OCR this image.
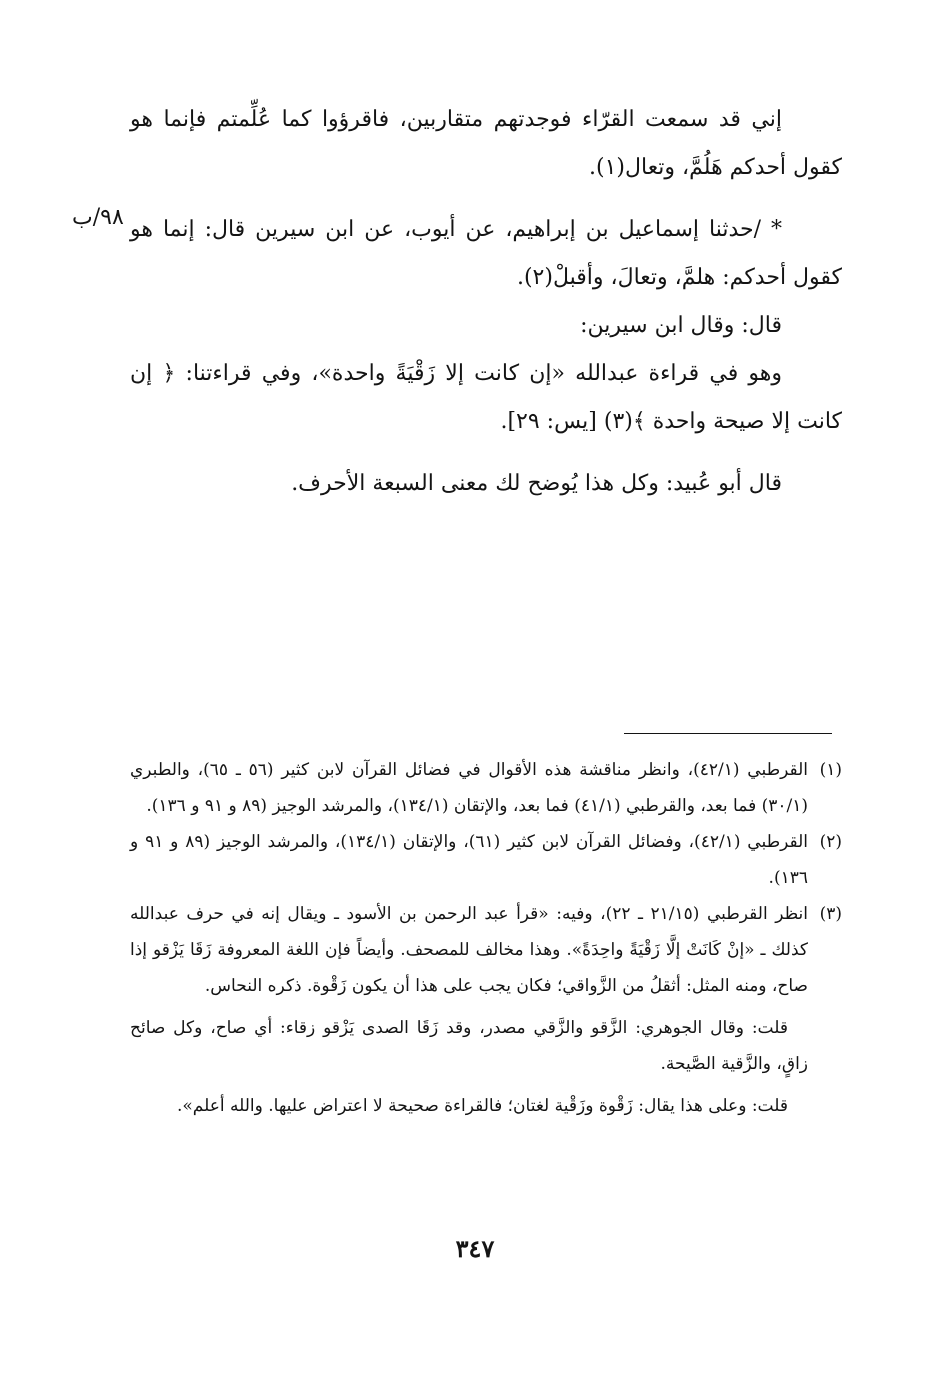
إني قد سمعت القرّاء فوجدتهم متقاربين، فاقرؤوا كما عُلِّمتم فإنما هو كقول أحدكم هَلُمَّ، وتعال(١).

* /حدثنا إسماعيل بن إبراهيم، عن أيوب، عن ابن سيرين قال: إنما هو كقول أحدكم: هلمَّ، وتعالَ، وأقبلْ(٢).

قال: وقال ابن سيرين:

وهو في قراءة عبدالله «إن كانت إلا زَقْيَةً واحدة»، وفي قراءتنا: ﴿ إن كانت إلا صيحة واحدة ﴾(٣) [يس: ٢٩].

قال أبو عُبيد: وكل هذا يُوضح لك معنى السبعة الأحرف.

٩٨/ب
(١)

القرطبي (٤٢/١)، وانظر مناقشة هذه الأقوال في فضائل القرآن لابن كثير (٥٦ ـ ٦٥)، والطبري (٣٠/١) فما بعد، والقرطبي (٤١/١) فما بعد، والإتقان (١٣٤/١)، والمرشد الوجيز (٨٩ و ٩١ و ١٣٦).

(٢)

القرطبي (٤٢/١)، وفضائل القرآن لابن كثير (٦١)، والإتقان (١٣٤/١)، والمرشد الوجيز (٨٩ و ٩١ و ١٣٦).

(٣)

انظر القرطبي (٢١/١٥ ـ ٢٢)، وفيه: «قرأ عبد الرحمن بن الأسود ـ ويقال إنه في حرف عبدالله كذلك ـ «إنْ كَانَتْ إلَّا زَقْيَةً واحِدَةً». وهذا مخالف للمصحف. وأيضاً فإن اللغة المعروفة زَقَا يَزْقو إذا صاح، ومنه المثل: أثقلُ من الزَّواقي؛ فكان يجب على هذا أن يكون زَقْوة. ذكره النحاس.

قلت: وقال الجوهري: الزَّقو والزَّقي مصدر، وقد زَقَا الصدى يَزْقو زقاء: أي صاح، وكل صائح زاقٍ، والزَّقية الصَّيحة.

قلت: وعلى هذا يقال: زَقْوة وزَقْية لغتان؛ فالقراءة صحيحة لا اعتراض عليها. والله أعلم».

٣٤٧
